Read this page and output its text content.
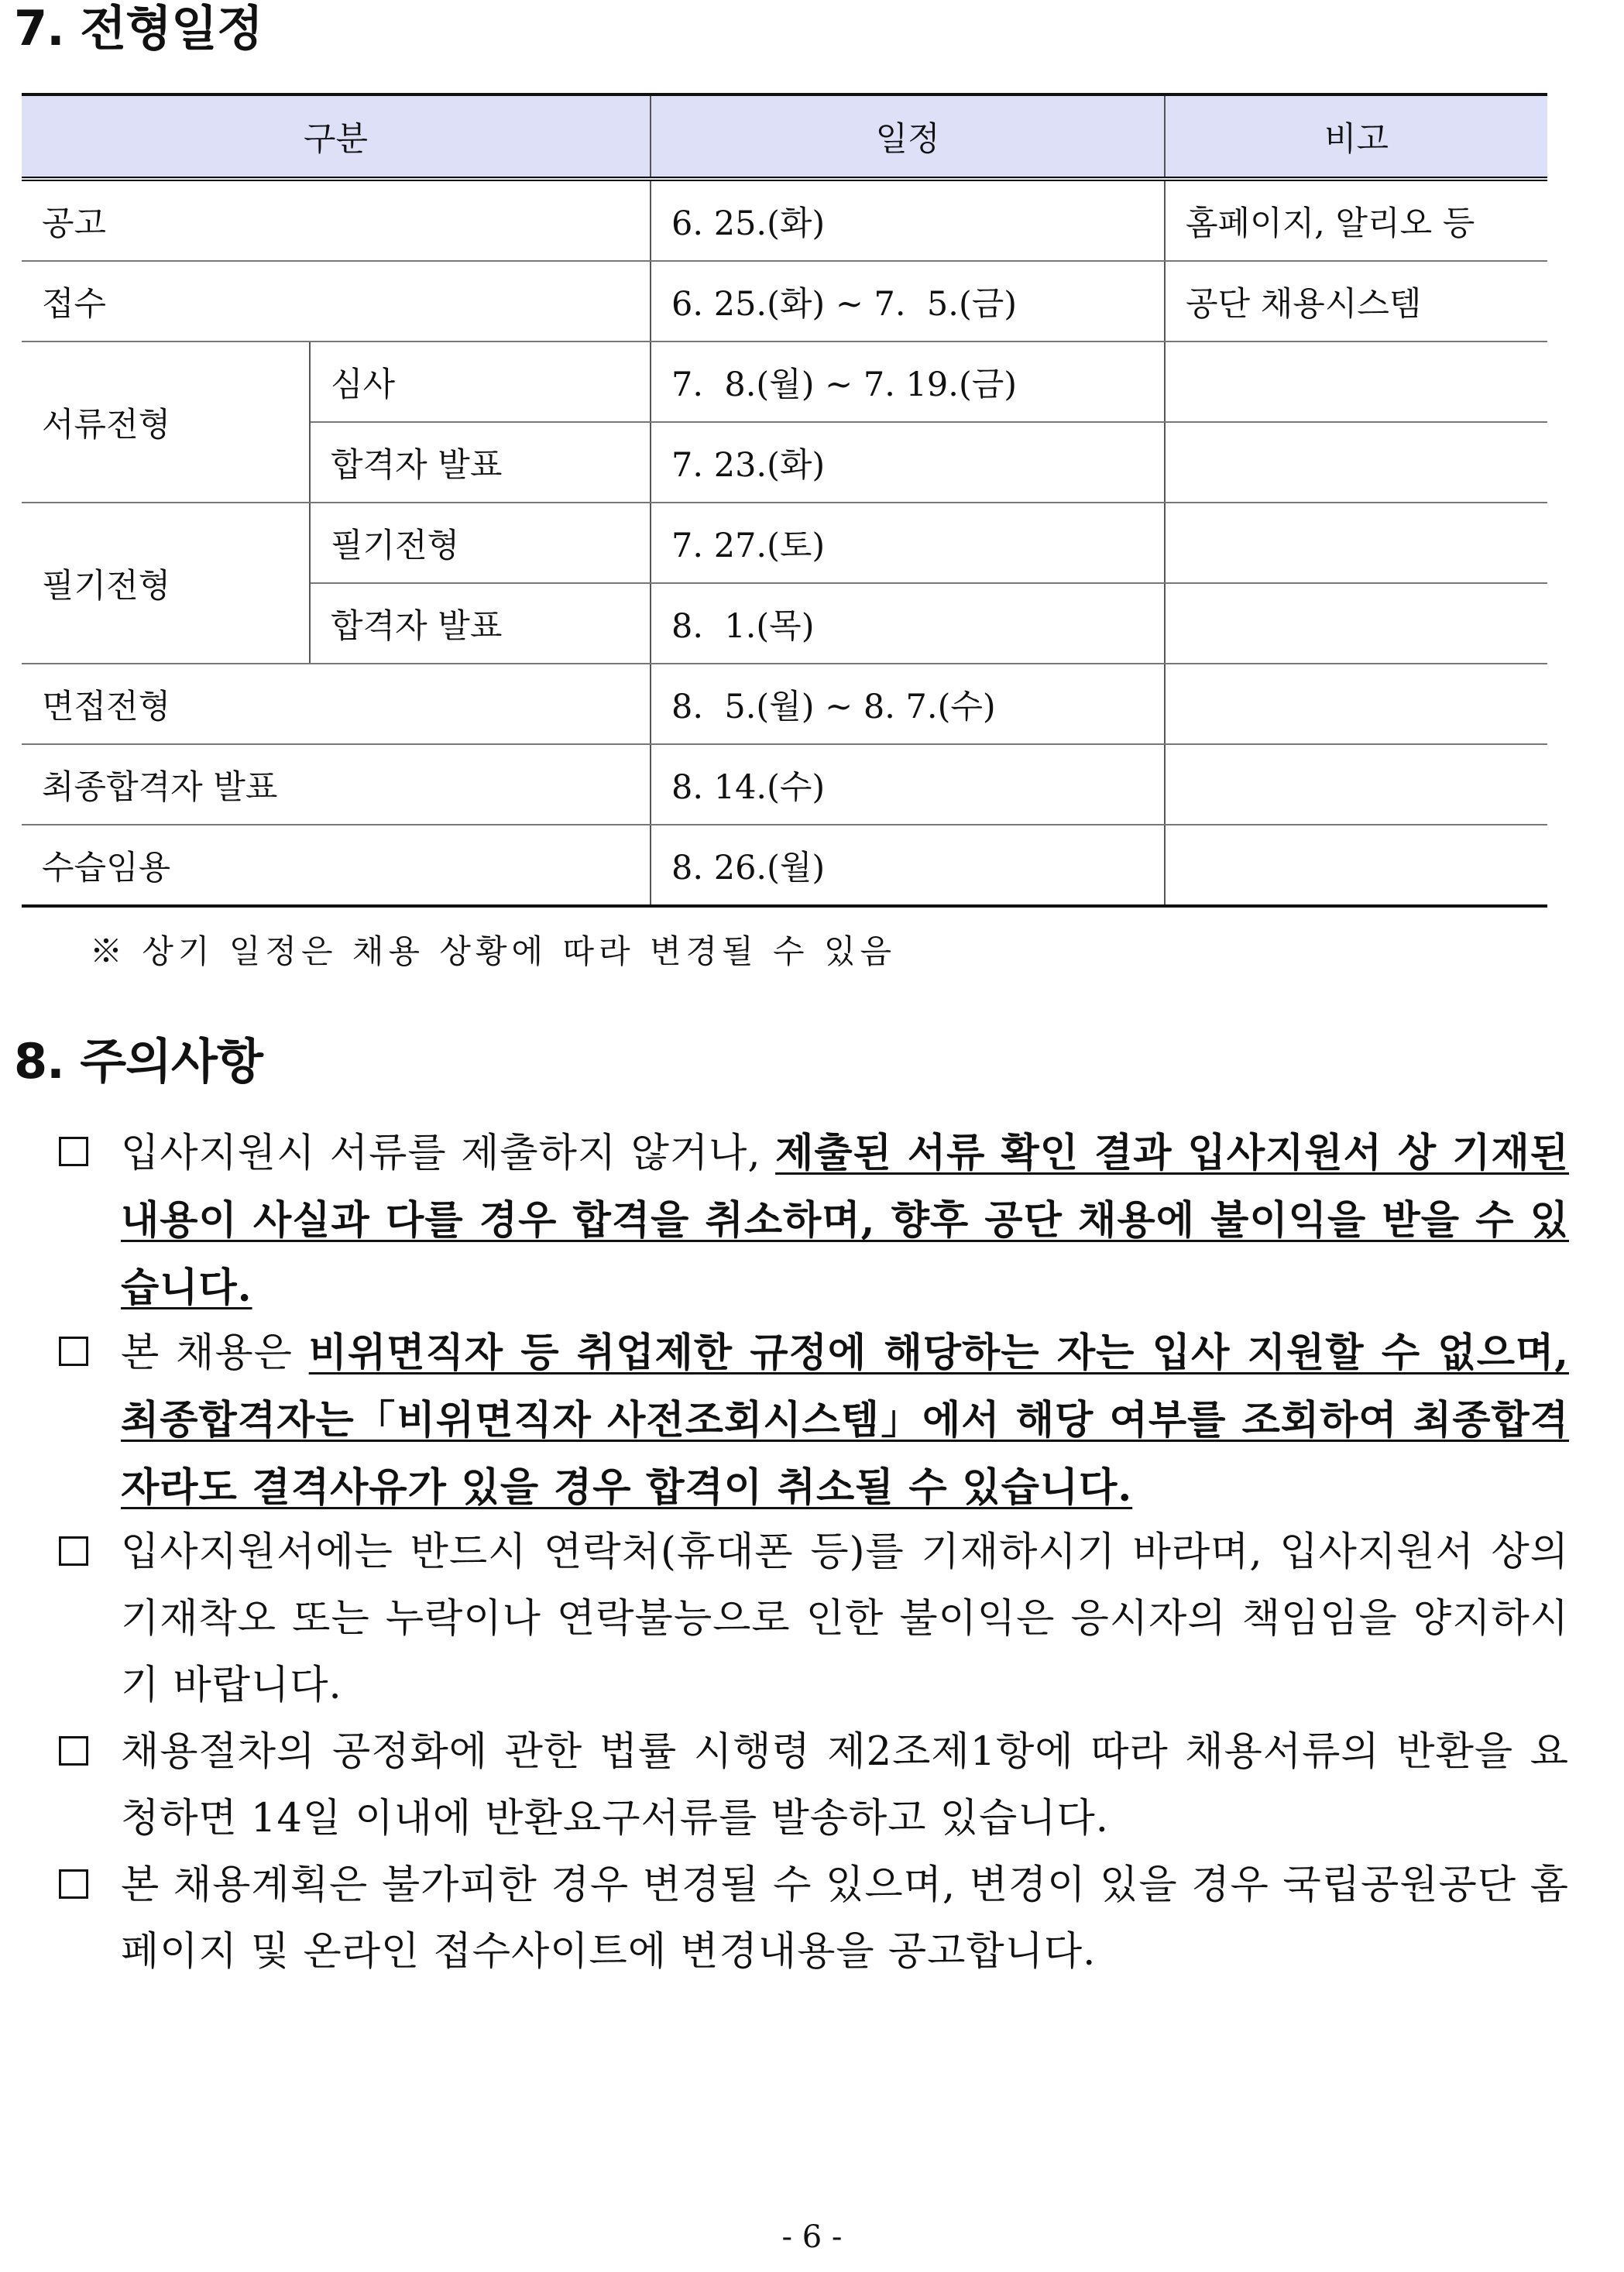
7. 전형일정
구분		일정	비고
공고		6. 25.(화)	홈페이지, 알리오 등
접수		6. 25.(화) ~ 7.  5.(금)	공단 채용시스템
서류전형	심사	7.  8.(월) ~ 7. 19.(금)	
	합격자 발표	7. 23.(화)	
필기전형	필기전형	7. 27.(토)	
	합격자 발표	8.  1.(목)	
면접전형		8.  5.(월) ~ 8. 7.(수)	
최종합격자 발표		8. 14.(수)	
수습임용		8. 26.(월)	
※ 상기 일정은 채용 상황에 따라 변경될 수 있음
8. 주의사항
입사지원시 서류를 제출하지 않거나, 제출된 서류 확인 결과 입사지원서 상 기재된 내용이 사실과 다를 경우 합격을 취소하며, 향후 공단 채용에 불이익을 받을 수 있습니다.
본 채용은 비위면직자 등 취업제한 규정에 해당하는 자는 입사 지원할 수 없으며, 최종합격자는「비위면직자 사전조회시스템」에서 해당 여부를 조회하여 최종합격자라도 결격사유가 있을 경우 합격이 취소될 수 있습니다.
입사지원서에는 반드시 연락처(휴대폰 등)를 기재하시기 바라며, 입사지원서 상의 기재착오 또는 누락이나 연락불능으로 인한 불이익은 응시자의 책임임을 양지하시기 바랍니다.
채용절차의 공정화에 관한 법률 시행령 제2조제1항에 따라 채용서류의 반환을 요청하면 14일 이내에 반환요구서류를 발송하고 있습니다.
본 채용계획은 불가피한 경우 변경될 수 있으며, 변경이 있을 경우 국립공원공단 홈페이지 및 온라인 접수사이트에 변경내용을 공고합니다.
- 6 -
